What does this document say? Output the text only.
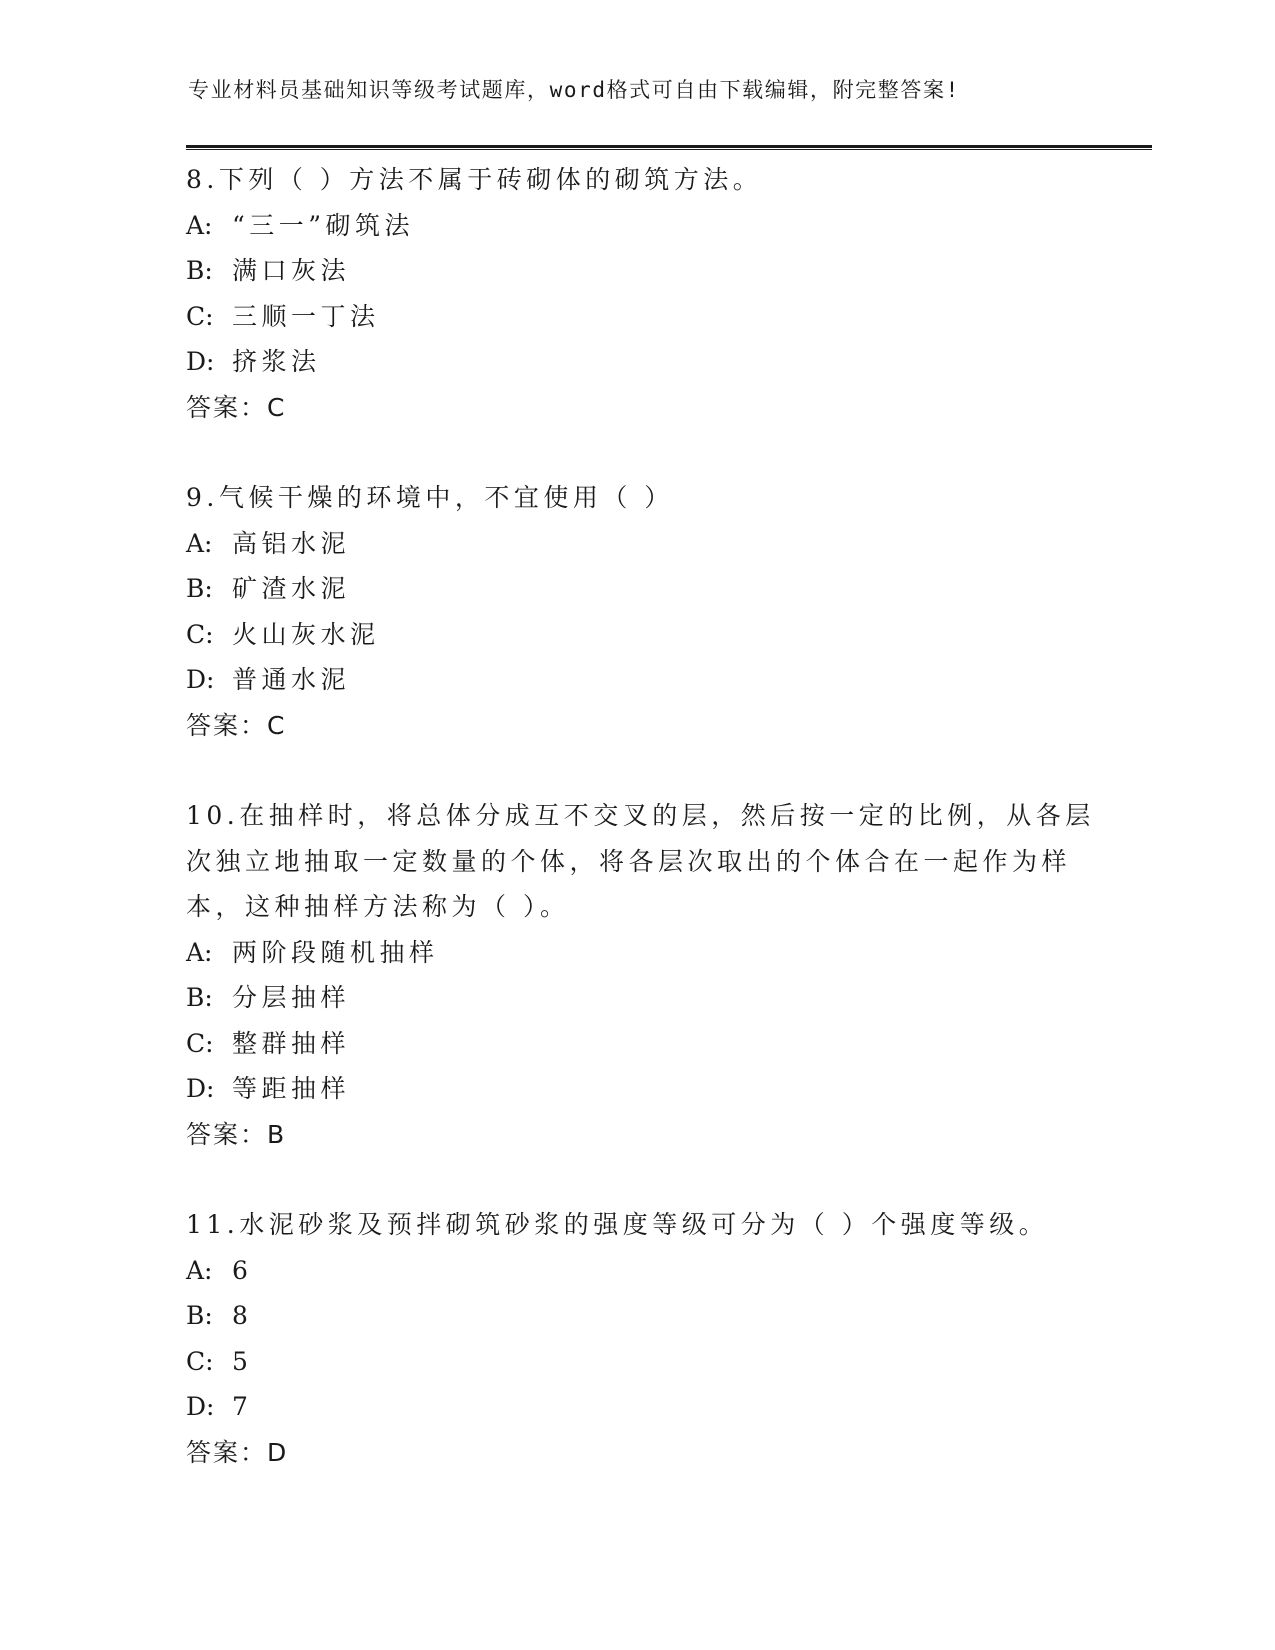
专业材料员基础知识等级考试题库，word格式可自由下载编辑，附完整答案!
8.下列（ ）方法不属于砖砌体的砌筑方法。
A: “三一”砌筑法
B: 满口灰法
C: 三顺一丁法
D: 挤浆法
答案：C
9.气候干燥的环境中，不宜使用（ ）
A: 高铝水泥
B: 矿渣水泥
C: 火山灰水泥
D: 普通水泥
答案：C
10.在抽样时，将总体分成互不交叉的层，然后按一定的比例，从各层
次独立地抽取一定数量的个体，将各层次取出的个体合在一起作为样
本，这种抽样方法称为（ ）。
A: 两阶段随机抽样
B: 分层抽样
C: 整群抽样
D: 等距抽样
答案：B
11.水泥砂浆及预拌砌筑砂浆的强度等级可分为（ ）个强度等级。
A: 6
B: 8
C: 5
D: 7
答案：D
